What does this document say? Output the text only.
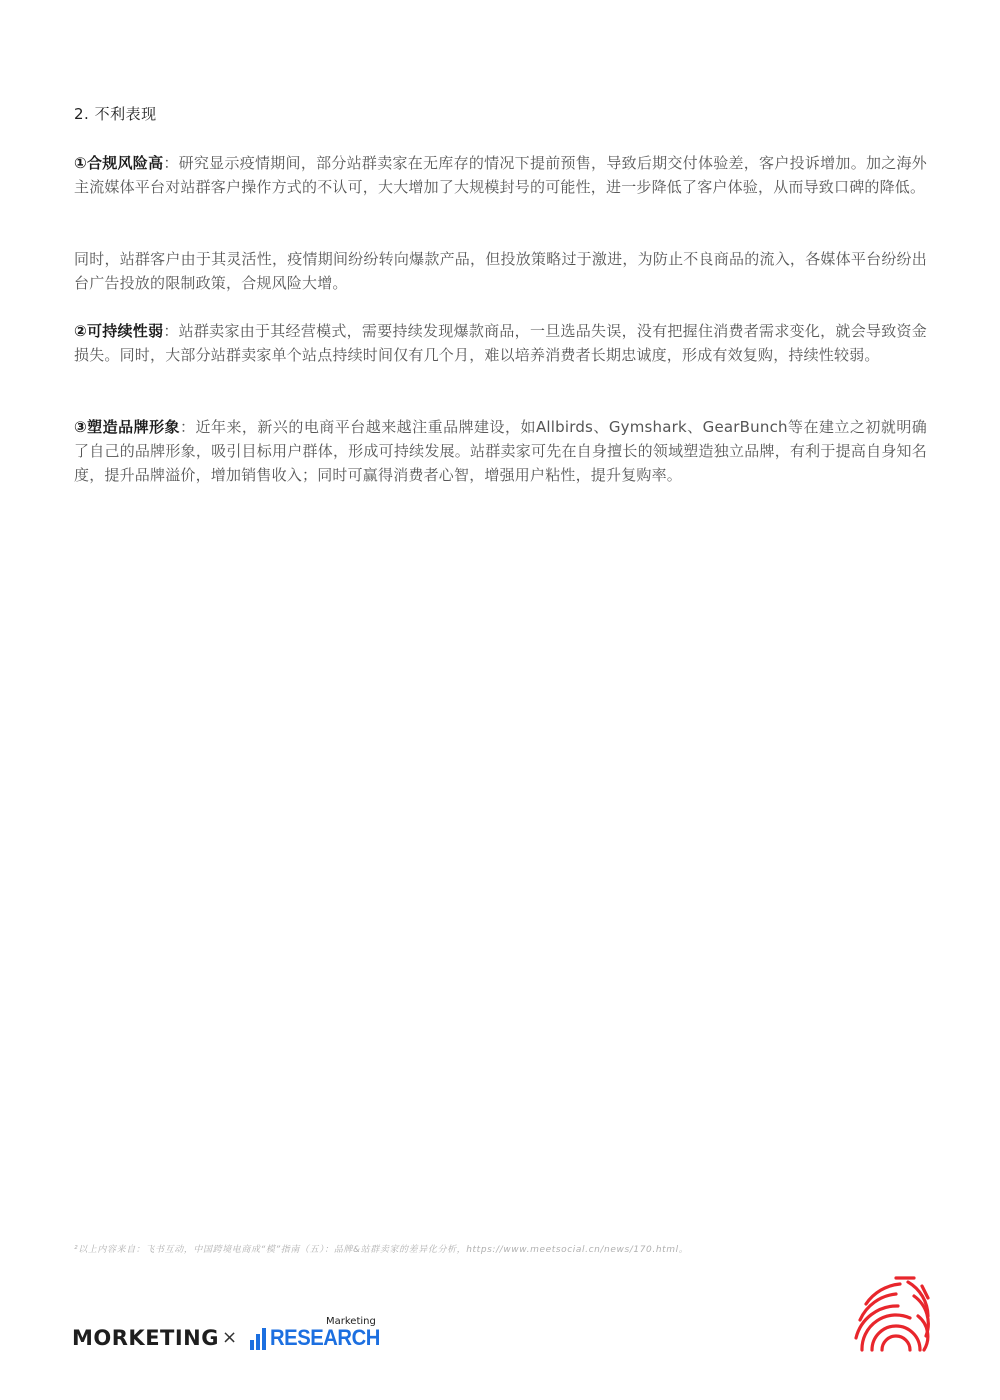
2. 不利表现
①合规风险高：研究显示疫情期间，部分站群卖家在无库存的情况下提前预售，导致后期交付体验差，客户投诉增加。加之海外主流媒体平台对站群客户操作方式的不认可，大大增加了大规模封号的可能性，进一步降低了客户体验，从而导致口碑的降低。
同时，站群客户由于其灵活性，疫情期间纷纷转向爆款产品，但投放策略过于激进，为防止不良商品的流入，各媒体平台纷纷出台广告投放的限制政策，合规风险大增。
②可持续性弱：站群卖家由于其经营模式，需要持续发现爆款商品，一旦选品失误，没有把握住消费者需求变化，就会导致资金损失。同时，大部分站群卖家单个站点持续时间仅有几个月，难以培养消费者长期忠诚度，形成有效复购，持续性较弱。
③塑造品牌形象：近年来，新兴的电商平台越来越注重品牌建设，如Allbirds、Gymshark、GearBunch等在建立之初就明确了自己的品牌形象，吸引目标用户群体，形成可持续发展。站群卖家可先在自身擅长的领域塑造独立品牌，有利于提高自身知名度，提升品牌溢价，增加销售收入；同时可赢得消费者心智，增强用户粘性，提升复购率。
²以上内容来自：飞书互动，中国跨境电商成“模”指南（五）：品牌&站群卖家的差异化分析，https://www.meetsocial.cn/news/170.html。
MORKETING ×
Marketing
RESEARCH
